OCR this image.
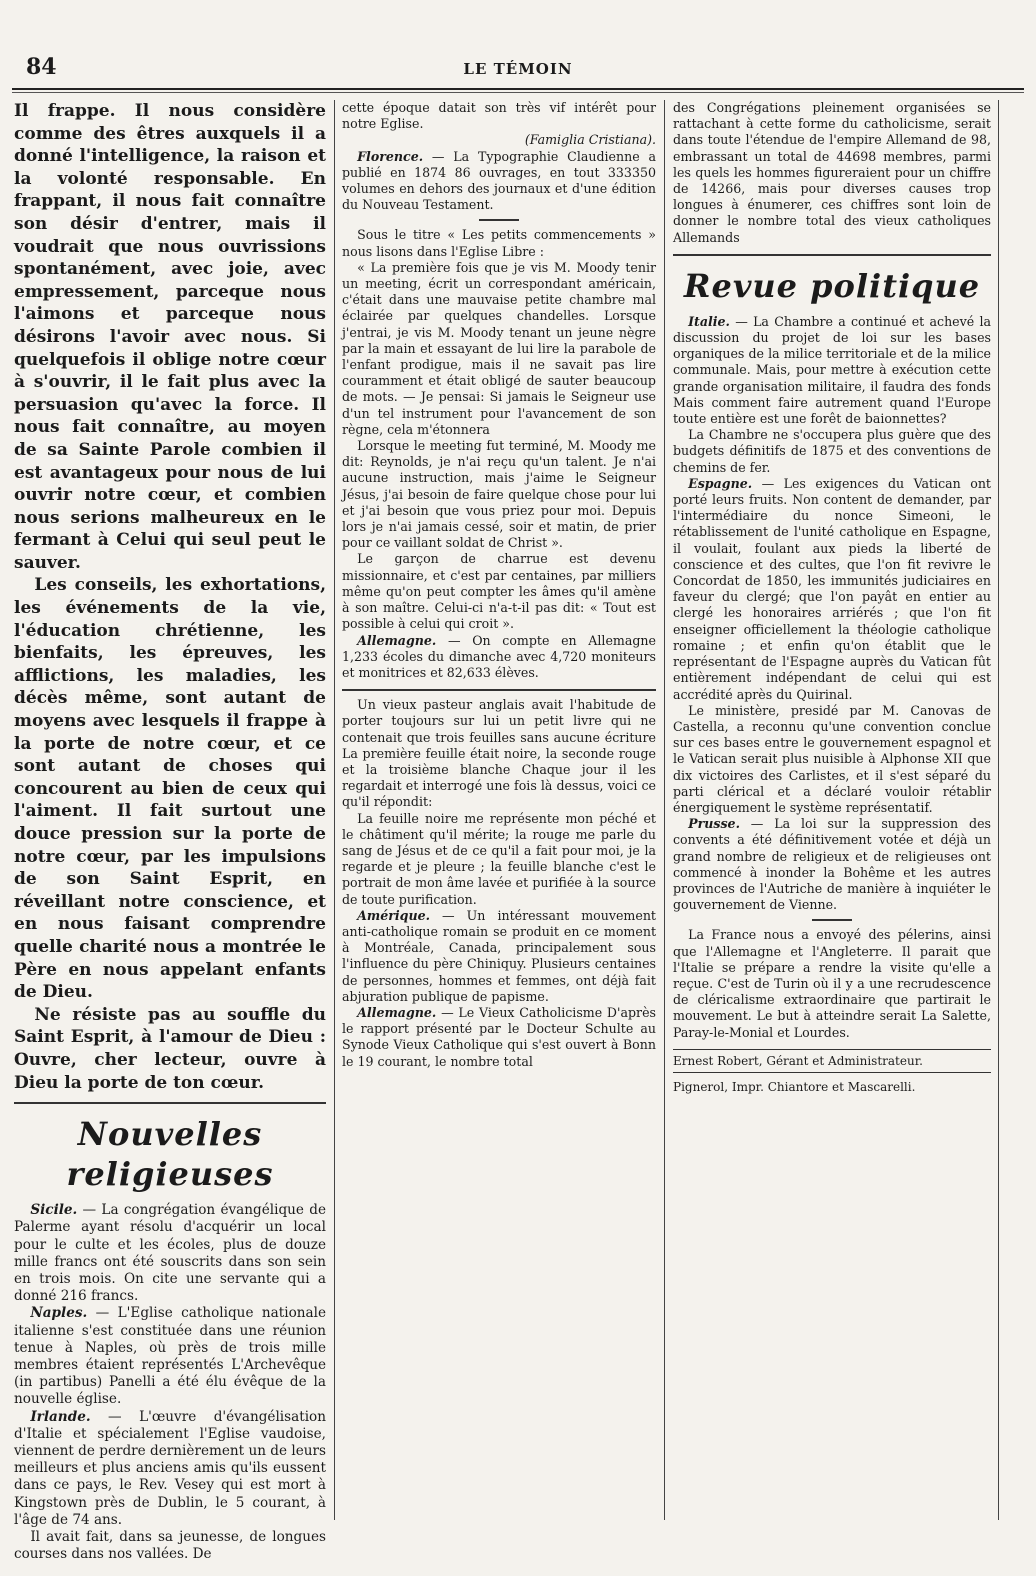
84	LE TÉMOIN

Il frappe. Il nous considère comme des êtres auxquels il a donné l'intelligence, la raison et la volonté responsable. En frappant, il nous fait connaître son désir d'entrer, mais il voudrait que nous ouvrissions spontanément, avec joie, avec empressement, parceque nous l'aimons et parceque nous désirons l'avoir avec nous. Si quelquefois il oblige notre cœur à s'ouvrir, il le fait plus avec la persuasion qu'avec la force. Il nous fait connaître, au moyen de sa Sainte Parole combien il est avantageux pour nous de lui ouvrir notre cœur, et combien nous serions malheureux en le fermant à Celui qui seul peut le sauver.

Les conseils, les exhortations, les événements de la vie, l'éducation chrétienne, les bienfaits, les épreuves, les afflictions, les maladies, les décès même, sont autant de moyens avec lesquels il frappe à la porte de notre cœur, et ce sont autant de choses qui concourent au bien de ceux qui l'aiment. Il fait surtout une douce pression sur la porte de notre cœur, par les impulsions de son Saint Esprit, en réveillant notre conscience, et en nous faisant comprendre quelle charité nous a montrée le Père en nous appelant enfants de Dieu.

Ne résiste pas au souffle du Saint Esprit, à l'amour de Dieu : Ouvre, cher lecteur, ouvre à Dieu la porte de ton cœur.

Nouvelles religieuses

Sicile. — La congrégation évangélique de Palerme ayant résolu d'acquérir un local pour le culte et les écoles, plus de douze mille francs ont été souscrits dans son sein en trois mois. On cite une servante qui a donné 216 francs.

Naples. — L'Eglise catholique nationale italienne s'est constituée dans une réunion tenue à Naples, où près de trois mille membres étaient représentés L'Archevêque (in partibus) Panelli a été élu évêque de la nouvelle église.

Irlande. — L'œuvre d'évangélisation d'Italie et spécialement l'Eglise vaudoise, viennent de perdre dernièrement un de leurs meilleurs et plus anciens amis qu'ils eussent dans ce pays, le Rev. Vesey qui est mort à Kingstown près de Dublin, le 5 courant, à l'âge de 74 ans.

Il avait fait, dans sa jeunesse, de longues courses dans nos vallées. De

cette époque datait son très vif intérêt pour notre Eglise.

(Famiglia Cristiana).

Florence. — La Typographie Claudienne a publié en 1874 86 ouvrages, en tout 333350 volumes en dehors des journaux et d'une édition du Nouveau Testament.

Sous le titre « Les petits commencements » nous lisons dans l'Eglise Libre :

« La première fois que je vis M. Moody tenir un meeting, écrit un correspondant américain, c'était dans une mauvaise petite chambre mal éclairée par quelques chandelles. Lorsque j'entrai, je vis M. Moody tenant un jeune nègre par la main et essayant de lui lire la parabole de l'enfant prodigue, mais il ne savait pas lire couramment et était obligé de sauter beaucoup de mots. — Je pensai: Si jamais le Seigneur use d'un tel instrument pour l'avancement de son règne, cela m'étonnera

Lorsque le meeting fut terminé, M. Moody me dit: Reynolds, je n'ai reçu qu'un talent. Je n'ai aucune instruction, mais j'aime le Seigneur Jésus, j'ai besoin de faire quelque chose pour lui et j'ai besoin que vous priez pour moi. Depuis lors je n'ai jamais cessé, soir et matin, de prier pour ce vaillant soldat de Christ ».

Le garçon de charrue est devenu missionnaire, et c'est par centaines, par milliers même qu'on peut compter les âmes qu'il amène à son maître. Celui-ci n'a-t-il pas dit: « Tout est possible à celui qui croit ».

Allemagne. — On compte en Allemagne 1,233 écoles du dimanche avec 4,720 moniteurs et monitrices et 82,633 élèves.

Un vieux pasteur anglais avait l'habitude de porter toujours sur lui un petit livre qui ne contenait que trois feuilles sans aucune écriture La première feuille était noire, la seconde rouge et la troisième blanche Chaque jour il les regardait et interrogé une fois là dessus, voici ce qu'il répondit:

La feuille noire me représente mon péché et le châtiment qu'il mérite; la rouge me parle du sang de Jésus et de ce qu'il a fait pour moi, je la regarde et je pleure ; la feuille blanche c'est le portrait de mon âme lavée et purifiée à la source de toute purification.

Amérique. — Un intéressant mouvement anti-catholique romain se produit en ce moment à Montréale, Canada, principalement sous l'influence du père Chiniquy. Plusieurs centaines de personnes, hommes et femmes, ont déjà fait abjuration publique de papisme.

Allemagne. — Le Vieux Catholicisme D'après le rapport présenté par le Docteur Schulte au Synode Vieux Catholique qui s'est ouvert à Bonn le 19 courant, le nombre total

des Congrégations pleinement organisées se rattachant à cette forme du catholicisme, serait dans toute l'étendue de l'empire Allemand de 98, embrassant un total de 44698 membres, parmi les quels les hommes figureraient pour un chiffre de 14266, mais pour diverses causes trop longues à énumerer, ces chiffres sont loin de donner le nombre total des vieux catholiques Allemands

Revue politique

Italie. — La Chambre a continué et achevé la discussion du projet de loi sur les bases organiques de la milice territoriale et de la milice communale. Mais, pour mettre à exécution cette grande organisation militaire, il faudra des fonds Mais comment faire autrement quand l'Europe toute entière est une forêt de baionnettes?

La Chambre ne s'occupera plus guère que des budgets définitifs de 1875 et des conventions de chemins de fer.

Espagne. — Les exigences du Vatican ont porté leurs fruits. Non content de demander, par l'intermédiaire du nonce Simeoni, le rétablissement de l'unité catholique en Espagne, il voulait, foulant aux pieds la liberté de conscience et des cultes, que l'on fit revivre le Concordat de 1850, les immunités judiciaires en faveur du clergé; que l'on payât en entier au clergé les honoraires arriérés ; que l'on fit enseigner officiellement la théologie catholique romaine ; et enfin qu'on établit que le représentant de l'Espagne auprès du Vatican fût entièrement indépendant de celui qui est accrédité après du Quirinal.

Le ministère, presidé par M. Canovas de Castella, a reconnu qu'une convention conclue sur ces bases entre le gouvernement espagnol et le Vatican serait plus nuisible à Alphonse XII que dix victoires des Carlistes, et il s'est séparé du parti clérical et a déclaré vouloir rétablir énergiquement le système représentatif.

Prusse. — La loi sur la suppression des convents a été définitivement votée et déjà un grand nombre de religieux et de religieuses ont commencé à inonder la Bohême et les autres provinces de l'Autriche de manière à inquiéter le gouvernement de Vienne.

La France nous a envoyé des pélerins, ainsi que l'Allemagne et l'Angleterre. Il parait que l'Italie se prépare a rendre la visite qu'elle a reçue. C'est de Turin où il y a une recrudescence de cléricalisme extraordinaire que partirait le mouvement. Le but à atteindre serait La Salette, Paray-le-Monial et Lourdes.

Ernest Robert, Gérant et Administrateur.

Pignerol, Impr. Chiantore et Mascarelli.
